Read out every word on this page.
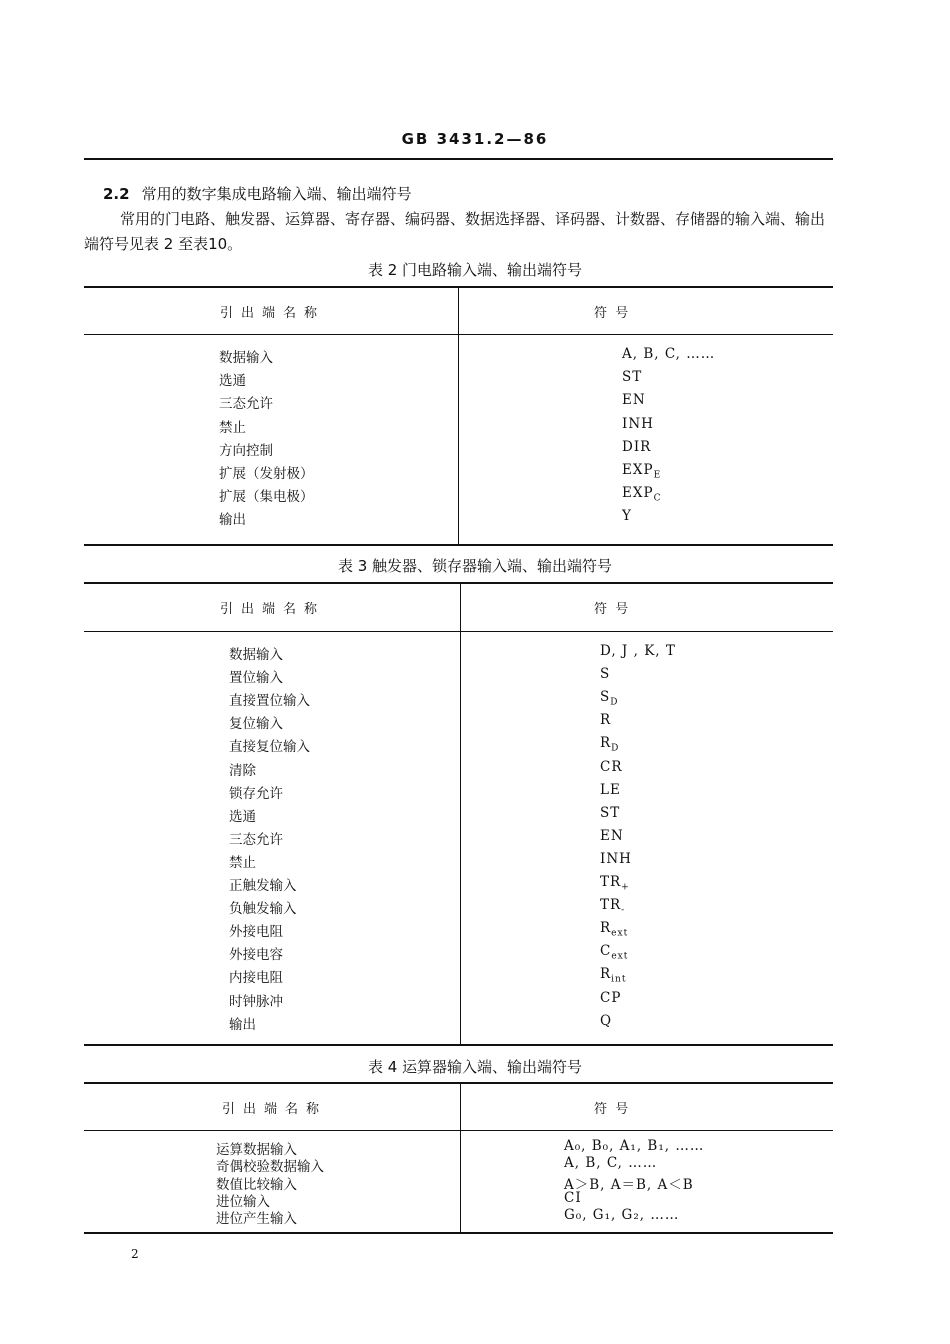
GB 3431.2—86
2.2 常用的数字集成电路输入端、输出端符号
常用的门电路、触发器、运算器、寄存器、编码器、数据选择器、译码器、计数器、存储器的输入端、输出端符号见表 2 至表10。
表 2 门电路输入端、输出端符号
引出端名称	符  号
数据输入	A, B, C, ……
选通	ST
三态允许	EN
禁止	INH
方向控制	DIR
扩展（发射极）	$EXP_E$
扩展（集电极）	$EXP_C$
输出	Y
表 3 触发器、锁存器输入端、输出端符号
引出端名称	符  号
数据输入	D, J , K, T
置位输入	S
直接置位输入	$S_D$
复位输入	R
直接复位输入	$R_D$
清除	CR
锁存允许	LE
选通	ST
三态允许	EN
禁止	INH
正触发输入	$TR_+$
负触发输入	$TR_-$
外接电阻	$R_{ext}$
外接电容	$C_{ext}$
内接电阻	$R_{int}$
时钟脉冲	CP
输出	Q
表 4 运算器输入端、输出端符号
引出端名称	符  号
运算数据输入	A₀, B₀, A₁, B₁, ……
奇偶校验数据输入	A, B, C, ……
数值比较输入	A＞B, A＝B, A＜B
进位输入	CI
进位产生输入	G₀, G₁, G₂, ……
2
